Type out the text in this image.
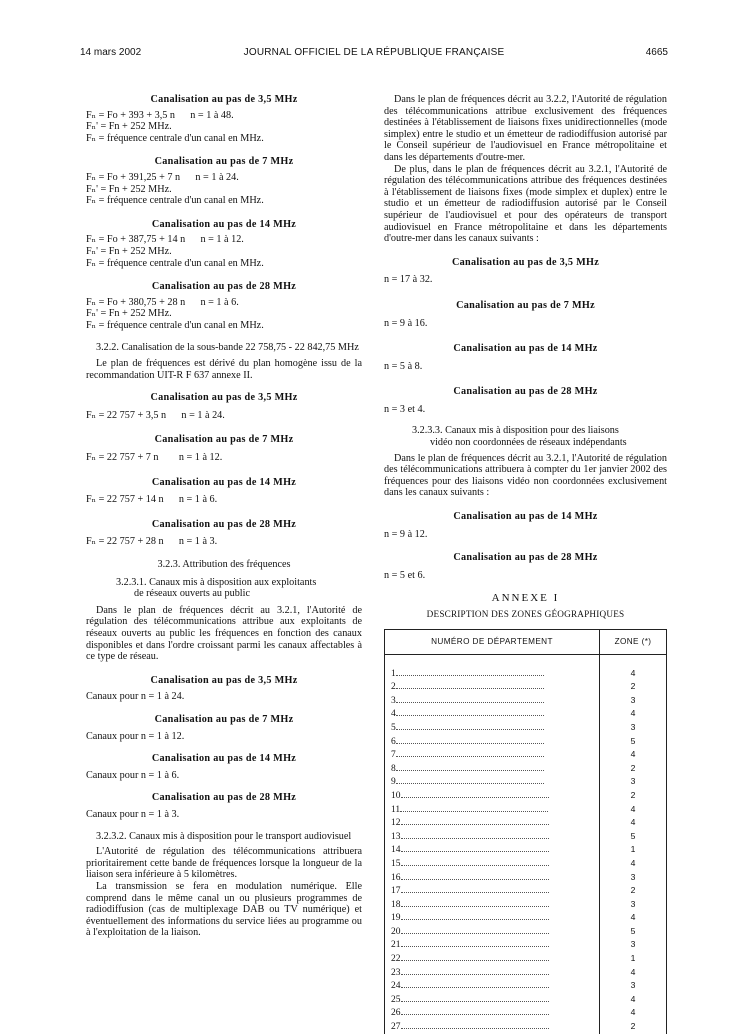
14 mars 2002	JOURNAL OFFICIEL DE LA RÉPUBLIQUE FRANÇAISE	4665
Canalisation au pas de 3,5 MHz

Fₙ = Fo + 393 + 3,5 n      n = 1 à 48.

Fₙ' = Fn + 252 MHz.

Fₙ = fréquence centrale d'un canal en MHz.

Canalisation au pas de 7 MHz

Fₙ = Fo + 391,25 + 7 n      n = 1 à 24.

Fₙ' = Fn + 252 MHz.

Fₙ = fréquence centrale d'un canal en MHz.

Canalisation au pas de 14 MHz

Fₙ = Fo + 387,75 + 14 n      n = 1 à 12.

Fₙ' = Fn + 252 MHz.

Fₙ = fréquence centrale d'un canal en MHz.

Canalisation au pas de 28 MHz

Fₙ = Fo + 380,75 + 28 n      n = 1 à 6.

Fₙ' = Fn + 252 MHz.

Fₙ = fréquence centrale d'un canal en MHz.

3.2.2. Canalisation de la sous-bande 22 758,75 - 22 842,75 MHz

Le plan de fréquences est dérivé du plan homogène issu de la recommandation UIT-R F 637 annexe II.

Canalisation au pas de 3,5 MHz

Fₙ = 22 757 + 3,5 n      n = 1 à 24.

Canalisation au pas de 7 MHz

Fₙ = 22 757 + 7 n        n = 1 à 12.

Canalisation au pas de 14 MHz

Fₙ = 22 757 + 14 n      n = 1 à 6.

Canalisation au pas de 28 MHz

Fₙ = 22 757 + 28 n      n = 1 à 3.

3.2.3. Attribution des fréquences
3.2.3.1. Canaux mis à disposition aux exploitants
de réseaux ouverts au public

Dans le plan de fréquences décrit au 3.2.1, l'Autorité de régulation des télécommunications attribue aux exploitants de réseaux ouverts au public les fréquences en fonction des canaux disponibles et dans l'ordre croissant parmi les canaux affectables à ce type de réseau.

Canalisation au pas de 3,5 MHz

Canaux pour n = 1 à 24.

Canalisation au pas de 7 MHz

Canaux pour n = 1 à 12.

Canalisation au pas de 14 MHz

Canaux pour n = 1 à 6.

Canalisation au pas de 28 MHz

Canaux pour n = 1 à 3.

3.2.3.2. Canaux mis à disposition pour le transport audiovisuel

L'Autorité de régulation des télécommunications attribuera prioritairement cette bande de fréquences lorsque la longueur de la liaison sera inférieure à 5 kilomètres.

La transmission se fera en modulation numérique. Elle comprend dans le même canal un ou plusieurs programmes de radiodiffusion (cas de multiplexage DAB ou TV numérique) et éventuellement des informations du service liées au programme ou à l'exploitation de la liaison.

Dans le plan de fréquences décrit au 3.2.2, l'Autorité de régulation des télécommunications attribue exclusivement des fréquences destinées à l'établissement de liaisons fixes unidirectionnelles (mode simplex) entre le studio et un émetteur de radiodiffusion autorisé par le Conseil supérieur de l'audiovisuel en France métropolitaine et dans les départements d'outre-mer.

De plus, dans le plan de fréquences décrit au 3.2.1, l'Autorité de régulation des télécommunications attribue des fréquences destinées à l'établissement de liaisons fixes (mode simplex et duplex) entre le studio et un émetteur de radiodiffusion autorisé par le Conseil supérieur de l'audiovisuel et pour des opérateurs de transport audiovisuel en France métropolitaine et dans les départements d'outre-mer dans les canaux suivants :

Canalisation au pas de 3,5 MHz

n = 17 à 32.

Canalisation au pas de 7 MHz

n = 9 à 16.

Canalisation au pas de 14 MHz

n = 5 à 8.

Canalisation au pas de 28 MHz

n = 3 et 4.

3.2.3.3. Canaux mis à disposition pour des liaisons
vidéo non coordonnées de réseaux indépendants

Dans le plan de fréquences décrit au 3.2.1, l'Autorité de régulation des télécommunications attribuera à compter du 1er janvier 2002 des fréquences pour des liaisons vidéo non coordonnées exclusivement dans les canaux suivants :

Canalisation au pas de 14 MHz

n = 9 à 12.

Canalisation au pas de 28 MHz

n = 5 et 6.

ANNEXE I
DESCRIPTION DES ZONES GÉOGRAPHIQUES
NUMÉRO DE DÉPARTEMENT	ZONE (*)
1	4
2	2
3	3
4	4
5	3
6	5
7	4
8	2
9	3
10	2
11	4
12	4
13	5
14	1
15	4
16	3
17	2
18	3
19	4
20	5
21	3
22	1
23	4
24	3
25	4
26	4
27	2
